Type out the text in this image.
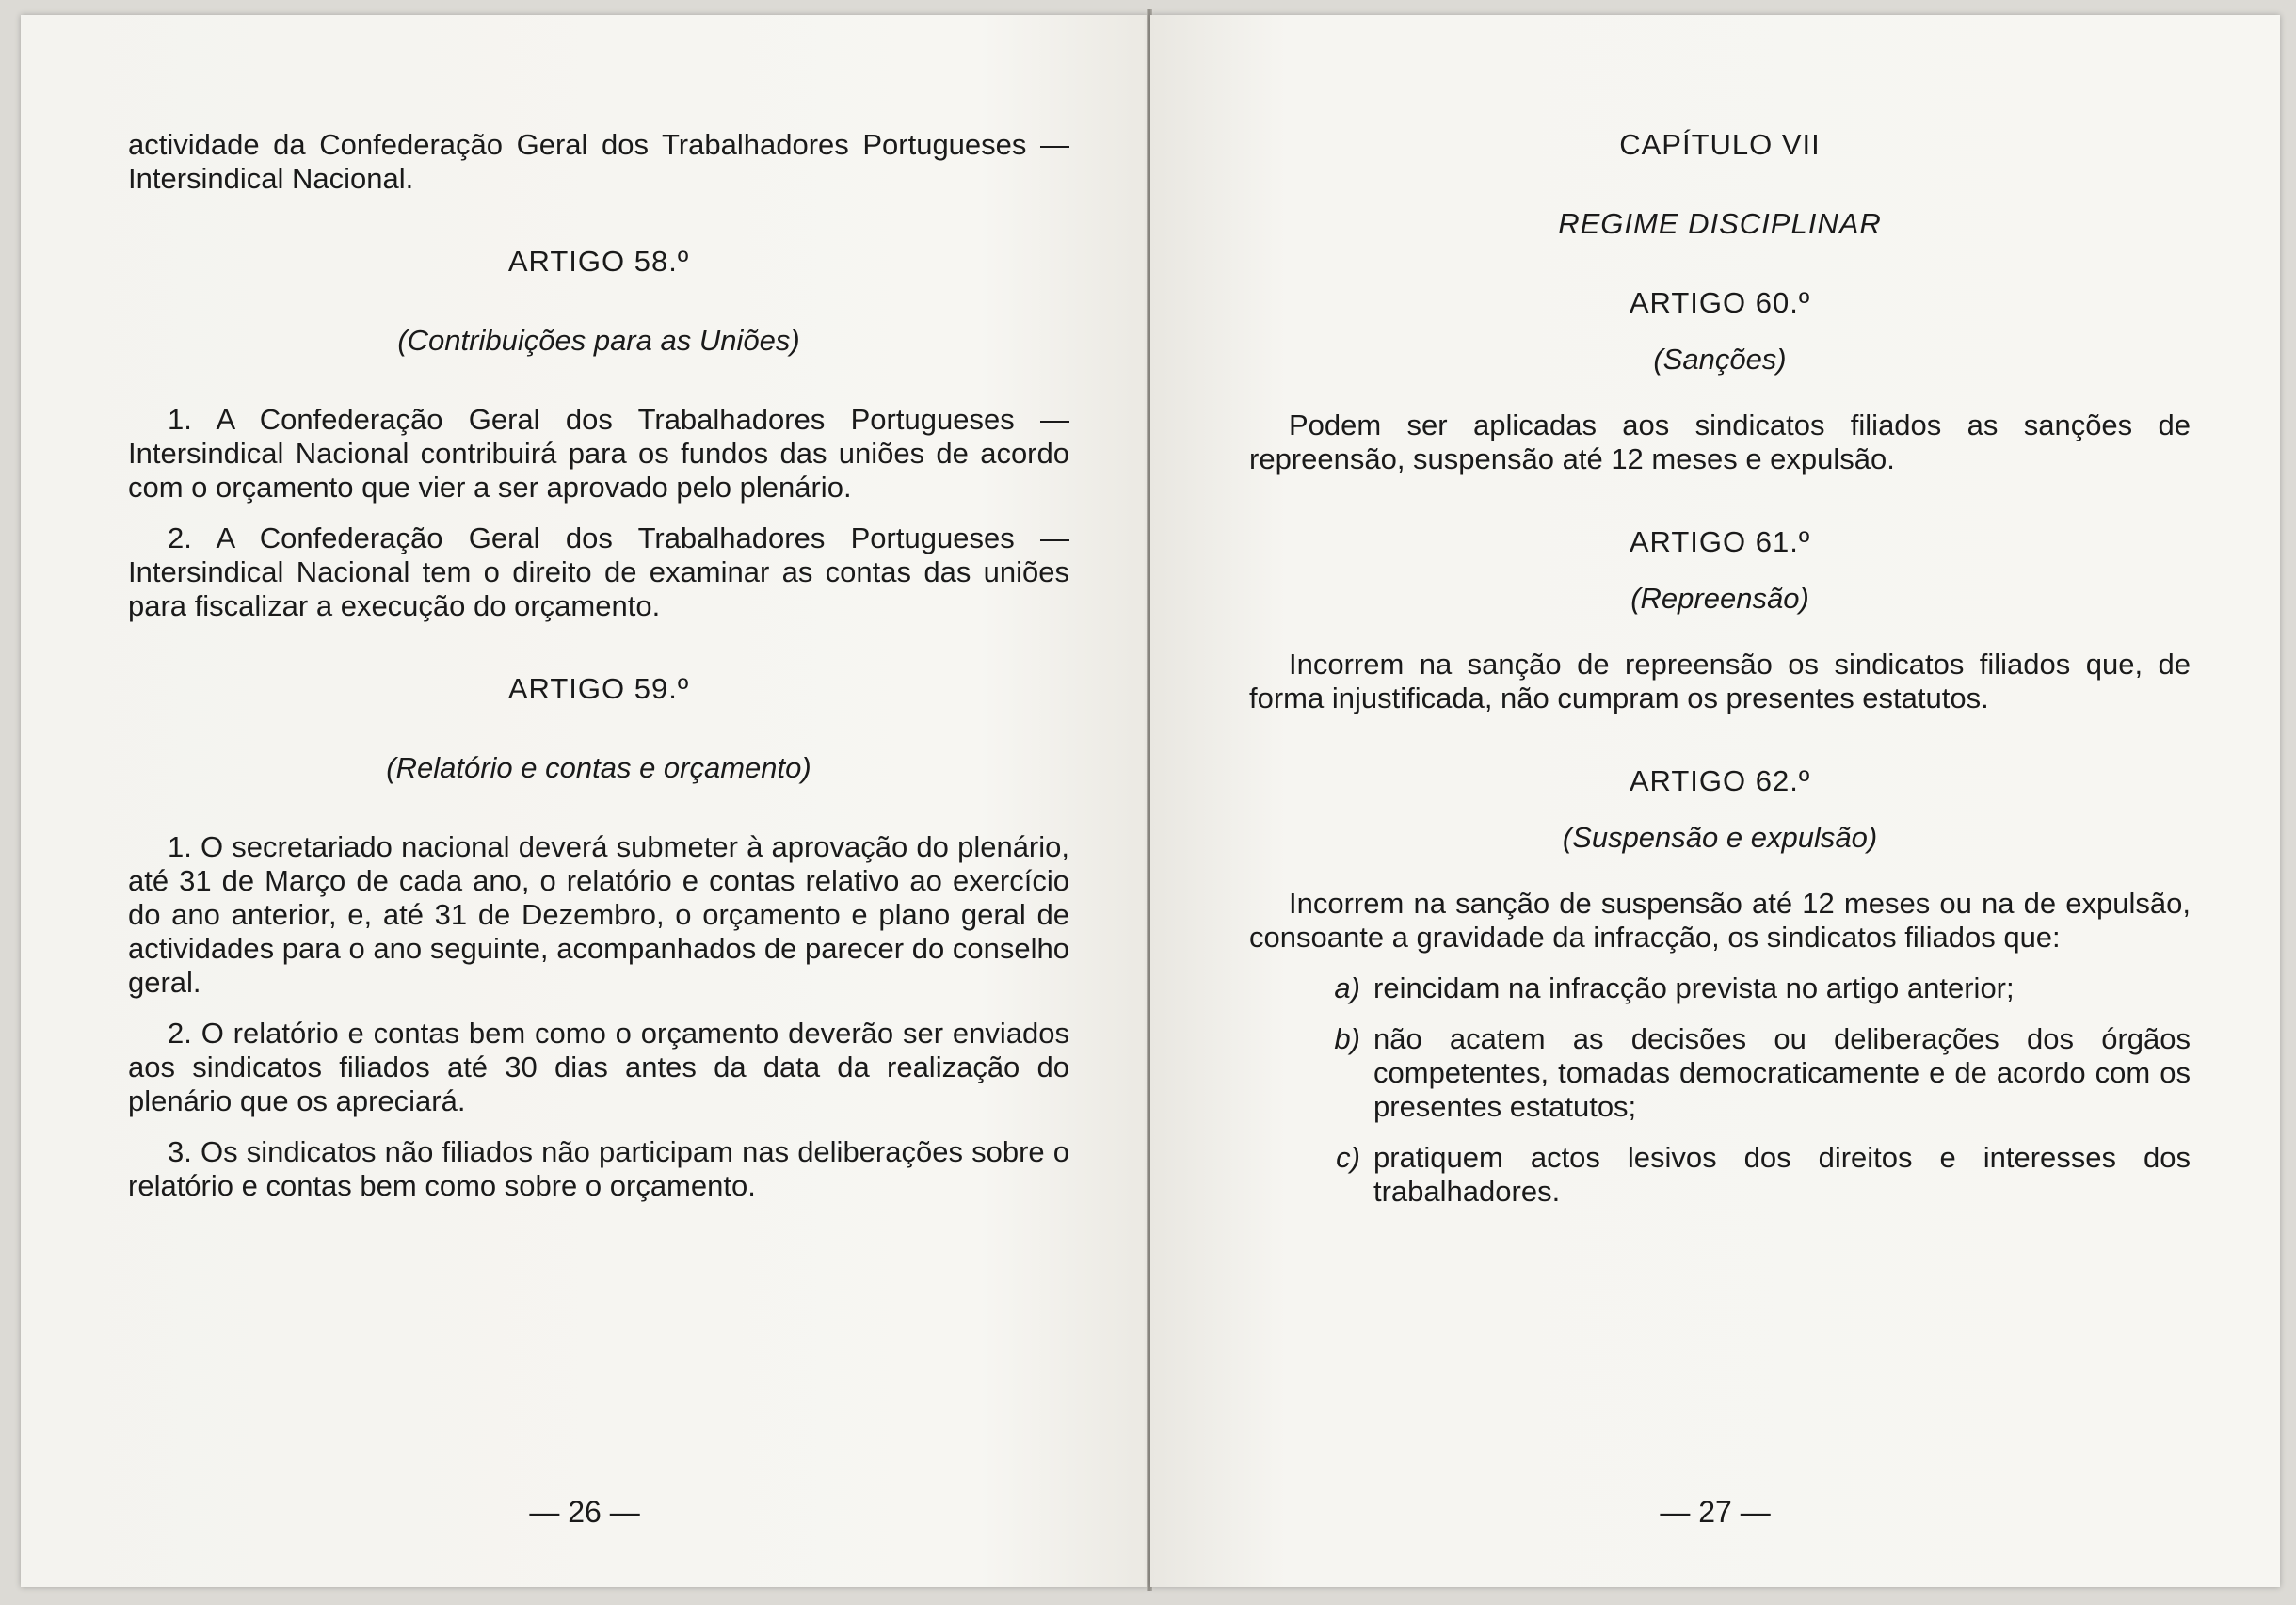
actividade da Confederação Geral dos Trabalhadores Portugueses — Intersindical Nacional.

ARTIGO 58.º

(Contribuições para as Uniões)

1. A Confederação Geral dos Trabalhadores Portugueses — Intersindical Nacional contribuirá para os fundos das uniões de acordo com o orçamento que vier a ser aprovado pelo plenário.

2. A Confederação Geral dos Trabalhadores Portugueses — Intersindical Nacional tem o direito de examinar as contas das uniões para fiscalizar a execução do orçamento.

ARTIGO 59.º

(Relatório e contas e orçamento)

1. O secretariado nacional deverá submeter à aprovação do plenário, até 31 de Março de cada ano, o relatório e contas relativo ao exercício do ano anterior, e, até 31 de Dezembro, o orçamento e plano geral de actividades para o ano seguinte, acompanhados de parecer do conselho geral.

2. O relatório e contas bem como o orçamento deverão ser enviados aos sindicatos filiados até 30 dias antes da data da realização do plenário que os apreciará.

3. Os sindicatos não filiados não participam nas deliberações sobre o relatório e contas bem como sobre o orçamento.

— 26 —

CAPÍTULO VII

REGIME DISCIPLINAR

ARTIGO 60.º

(Sanções)

Podem ser aplicadas aos sindicatos filiados as sanções de repreensão, suspensão até 12 meses e expulsão.

ARTIGO 61.º

(Repreensão)

Incorrem na sanção de repreensão os sindicatos filiados que, de forma injustificada, não cumpram os presentes estatutos.

ARTIGO 62.º

(Suspensão e expulsão)

Incorrem na sanção de suspensão até 12 meses ou na de expulsão, consoante a gravidade da infracção, os sindicatos filiados que:

a) reincidam na infracção prevista no artigo anterior;
b) não acatem as decisões ou deliberações dos órgãos competentes, tomadas democraticamente e de acordo com os presentes estatutos;
c) pratiquem actos lesivos dos direitos e interesses dos trabalhadores.
— 27 —
